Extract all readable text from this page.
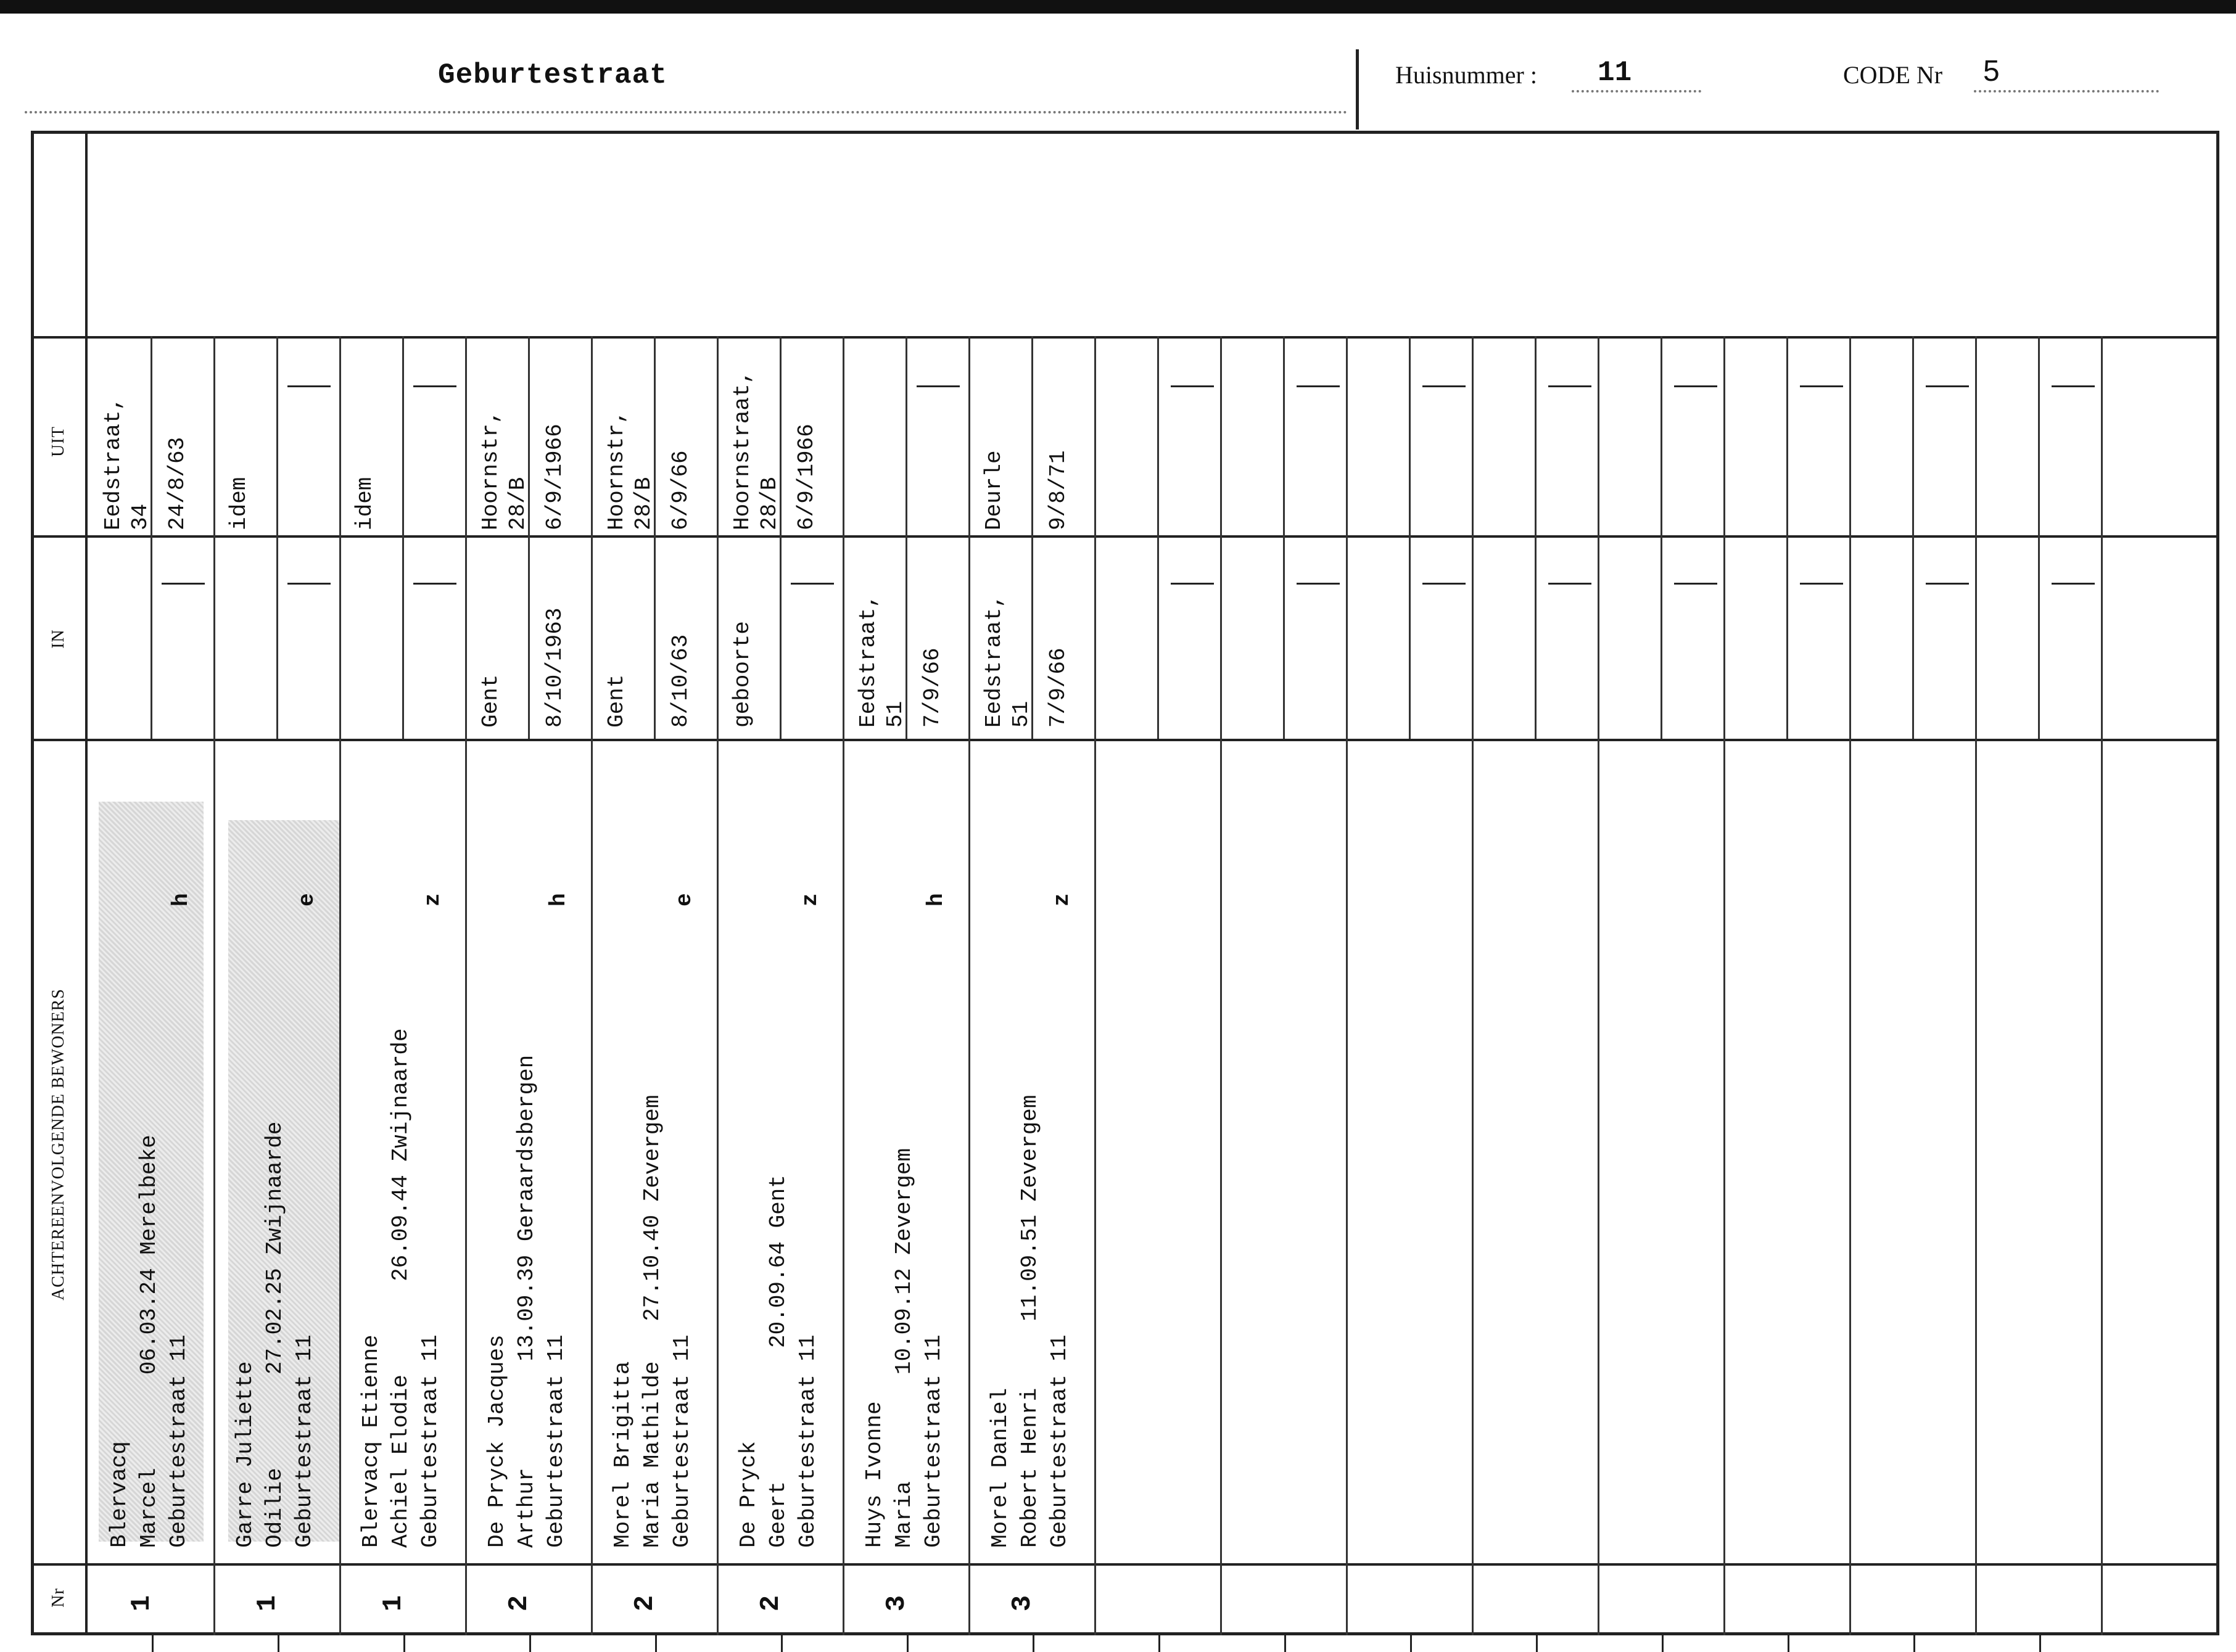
Geburtestraat	Huisnummer : 11	CODE Nr 5
UIT
IN
ACHTEREENVOLGENDE BEWONERS
Nr
Blervacq Marcel       06.03.24 Merelbeke Geburtestraat 11
h
Eedstraat,
34 24/8/63
1
Garre Juliette Odilie       27.02.25 Zwijnaarde Geburtestraat 11
e
idem
1
Blervacq Etienne Achiel Elodie       26.09.44 Zwijnaarde Geburtestraat 11
z
idem
1
De Pryck Jacques Arthur        13.09.39 Geraardsbergen Geburtestraat 11
h
Gent 8/10/1963
Hoornstr,
28/B 6/9/1966
2
Morel Brigitta Maria Mathilde   27.10.40 Zevergem Geburtestraat 11
e
Gent 8/10/63
Hoornstr,
28/B 6/9/66
2
De Pryck Geert          20.09.64 Gent Geburtestraat 11
z
geboorte
Hoornstraat,
28/B 6/9/1966
2
Huys Ivonne Maria        10.09.12 Zevergem Geburtestraat 11
h
Eedstraat,
51 7/9/66
3
Morel Daniel Robert Henri     11.09.51 Zevergem Geburtestraat 11
z
Eedstraat,
51 7/9/66
Deurle 9/8/71
3
